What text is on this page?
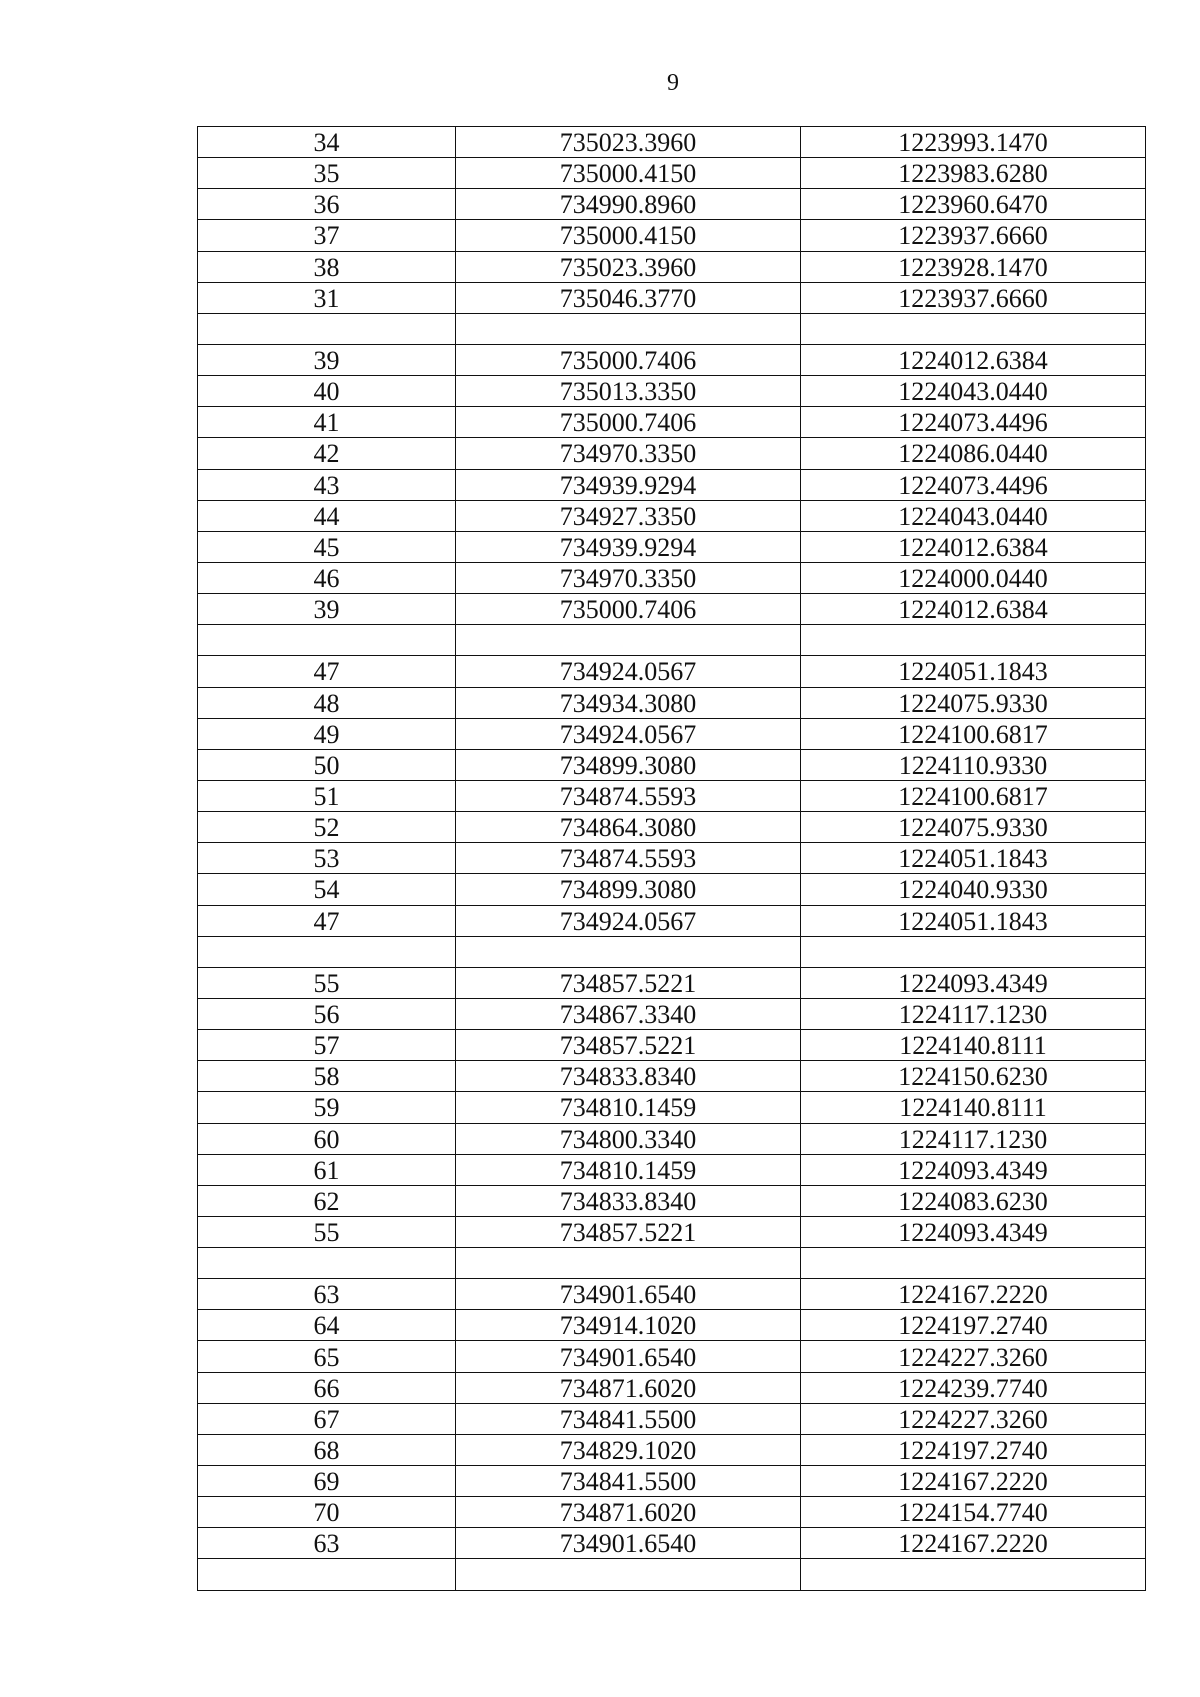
9
34	735023.3960	1223993.1470
35	735000.4150	1223983.6280
36	734990.8960	1223960.6470
37	735000.4150	1223937.6660
38	735023.3960	1223928.1470
31	735046.3770	1223937.6660

39	735000.7406	1224012.6384
40	735013.3350	1224043.0440
41	735000.7406	1224073.4496
42	734970.3350	1224086.0440
43	734939.9294	1224073.4496
44	734927.3350	1224043.0440
45	734939.9294	1224012.6384
46	734970.3350	1224000.0440
39	735000.7406	1224012.6384

47	734924.0567	1224051.1843
48	734934.3080	1224075.9330
49	734924.0567	1224100.6817
50	734899.3080	1224110.9330
51	734874.5593	1224100.6817
52	734864.3080	1224075.9330
53	734874.5593	1224051.1843
54	734899.3080	1224040.9330
47	734924.0567	1224051.1843

55	734857.5221	1224093.4349
56	734867.3340	1224117.1230
57	734857.5221	1224140.8111
58	734833.8340	1224150.6230
59	734810.1459	1224140.8111
60	734800.3340	1224117.1230
61	734810.1459	1224093.4349
62	734833.8340	1224083.6230
55	734857.5221	1224093.4349

63	734901.6540	1224167.2220
64	734914.1020	1224197.2740
65	734901.6540	1224227.3260
66	734871.6020	1224239.7740
67	734841.5500	1224227.3260
68	734829.1020	1224197.2740
69	734841.5500	1224167.2220
70	734871.6020	1224154.7740
63	734901.6540	1224167.2220
